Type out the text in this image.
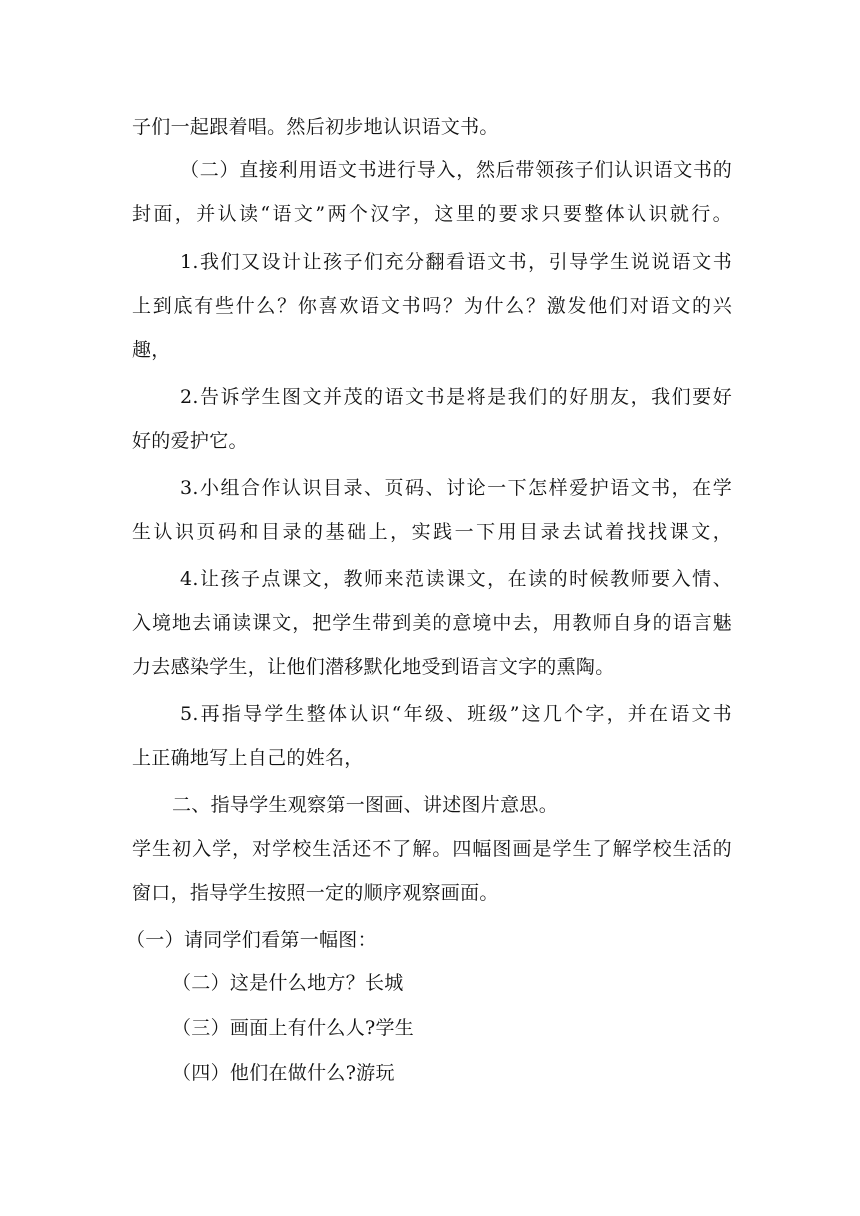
子们一起跟着唱。然后初步地认识语文书。
（二）直接利用语文书进行导入，然后带领孩子们认识语文书的
封面，并认读“语文”两个汉字，这里的要求只要整体认识就行。
1.我们又设计让孩子们充分翻看语文书，引导学生说说语文书
上到底有些什么？你喜欢语文书吗？为什么？激发他们对语文的兴
趣，
2.告诉学生图文并茂的语文书是将是我们的好朋友，我们要好
好的爱护它。
3.小组合作认识目录、页码、讨论一下怎样爱护语文书，在学
生认识页码和目录的基础上，实践一下用目录去试着找找课文，
4.让孩子点课文，教师来范读课文，在读的时候教师要入情、
入境地去诵读课文，把学生带到美的意境中去，用教师自身的语言魅
力去感染学生，让他们潜移默化地受到语言文字的熏陶。
5.再指导学生整体认识“年级、班级”这几个字，并在语文书
上正确地写上自己的姓名，
二、指导学生观察第一图画、讲述图片意思。
学生初入学，对学校生活还不了解。四幅图画是学生了解学校生活的
窗口，指导学生按照一定的顺序观察画面。
（一）请同学们看第一幅图：
（二）这是什么地方？长城
（三）画面上有什么人?学生
（四）他们在做什么?游玩
